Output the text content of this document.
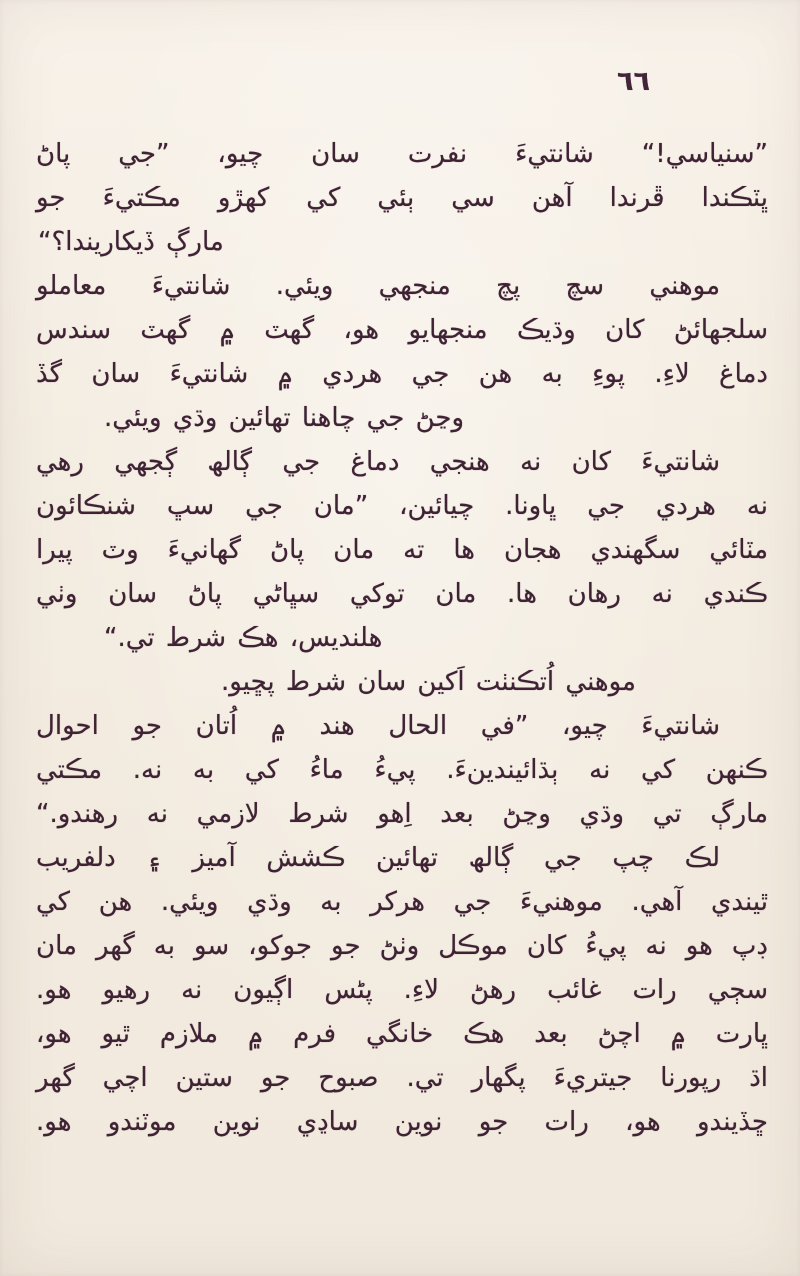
٦٦
”سنياسي!“ شانتيءَ نفرت سان چيو، ”جي پاڻ
ڀٽڪندا ڦرندا آهن سي ٻئي کي کهڙو مڪتيءَ جو
مارڳ ڏيکاريندا؟“
موهني سچ پچ منجهي ويئي. شانتيءَ معاملو
سلجهائڻ کان وڌيڪ منجهايو هو، گهٽ ۾ گهٽ سندس
دماغ لاءِ. پوءِ به هن جي هردي ۾ شانتيءَ سان گڏ
وڃڻ جي چاهنا تهائين وڌي ويئي.
شانتيءَ کان نه هنجي دماغ جي ڳالھ ڳجهي رهي
نه هردي جي ڀاونا. چيائين، ”مان جي سڀ شنڪائون
مٽائي سگهندي هجان ها ته مان پاڻ گهانيءَ وٽ پيرا
ڪندي نه رهان ها. مان توکي سڀاڻي پاڻ سان وٺي
هلنديس، هڪ شرط تي.“
موهني اُتڪنٺت اَکين سان شرط پڇيو.
شانتيءَ چيو، ”في الحال هند ۾ اُتان جو احوال
ڪنهن کي نه ٻڌائيندينءَ. پيءُ ماءُ کي به نه. مڪتي
مارڳ تي وڌي وڃڻ بعد اِهو شرط لازمي نه رهندو.“
لڪ چپ جي ڳالھ تهائين ڪشش آميز ۽ دلفريب
ٿيندي آهي. موهنيءَ جي هرکر به وڌي ويئي. هن کي
ڊپ هو نه پيءُ کان موڪل وٺڻ جو جوکو، سو به گهر مان
سڄي رات غائب رهڻ لاءِ. پڻس اڳيون نه رهيو هو.
ڀارت ۾ اچڻ بعد هڪ خانگي فرم ۾ ملازم ٿيو هو،
اڌ رپورنا جيتريءَ پگهار تي. صبوح جو ستين اچي گهر
ڇڏيندو هو، رات جو نوين ساڍي نوين موٽندو هو.
